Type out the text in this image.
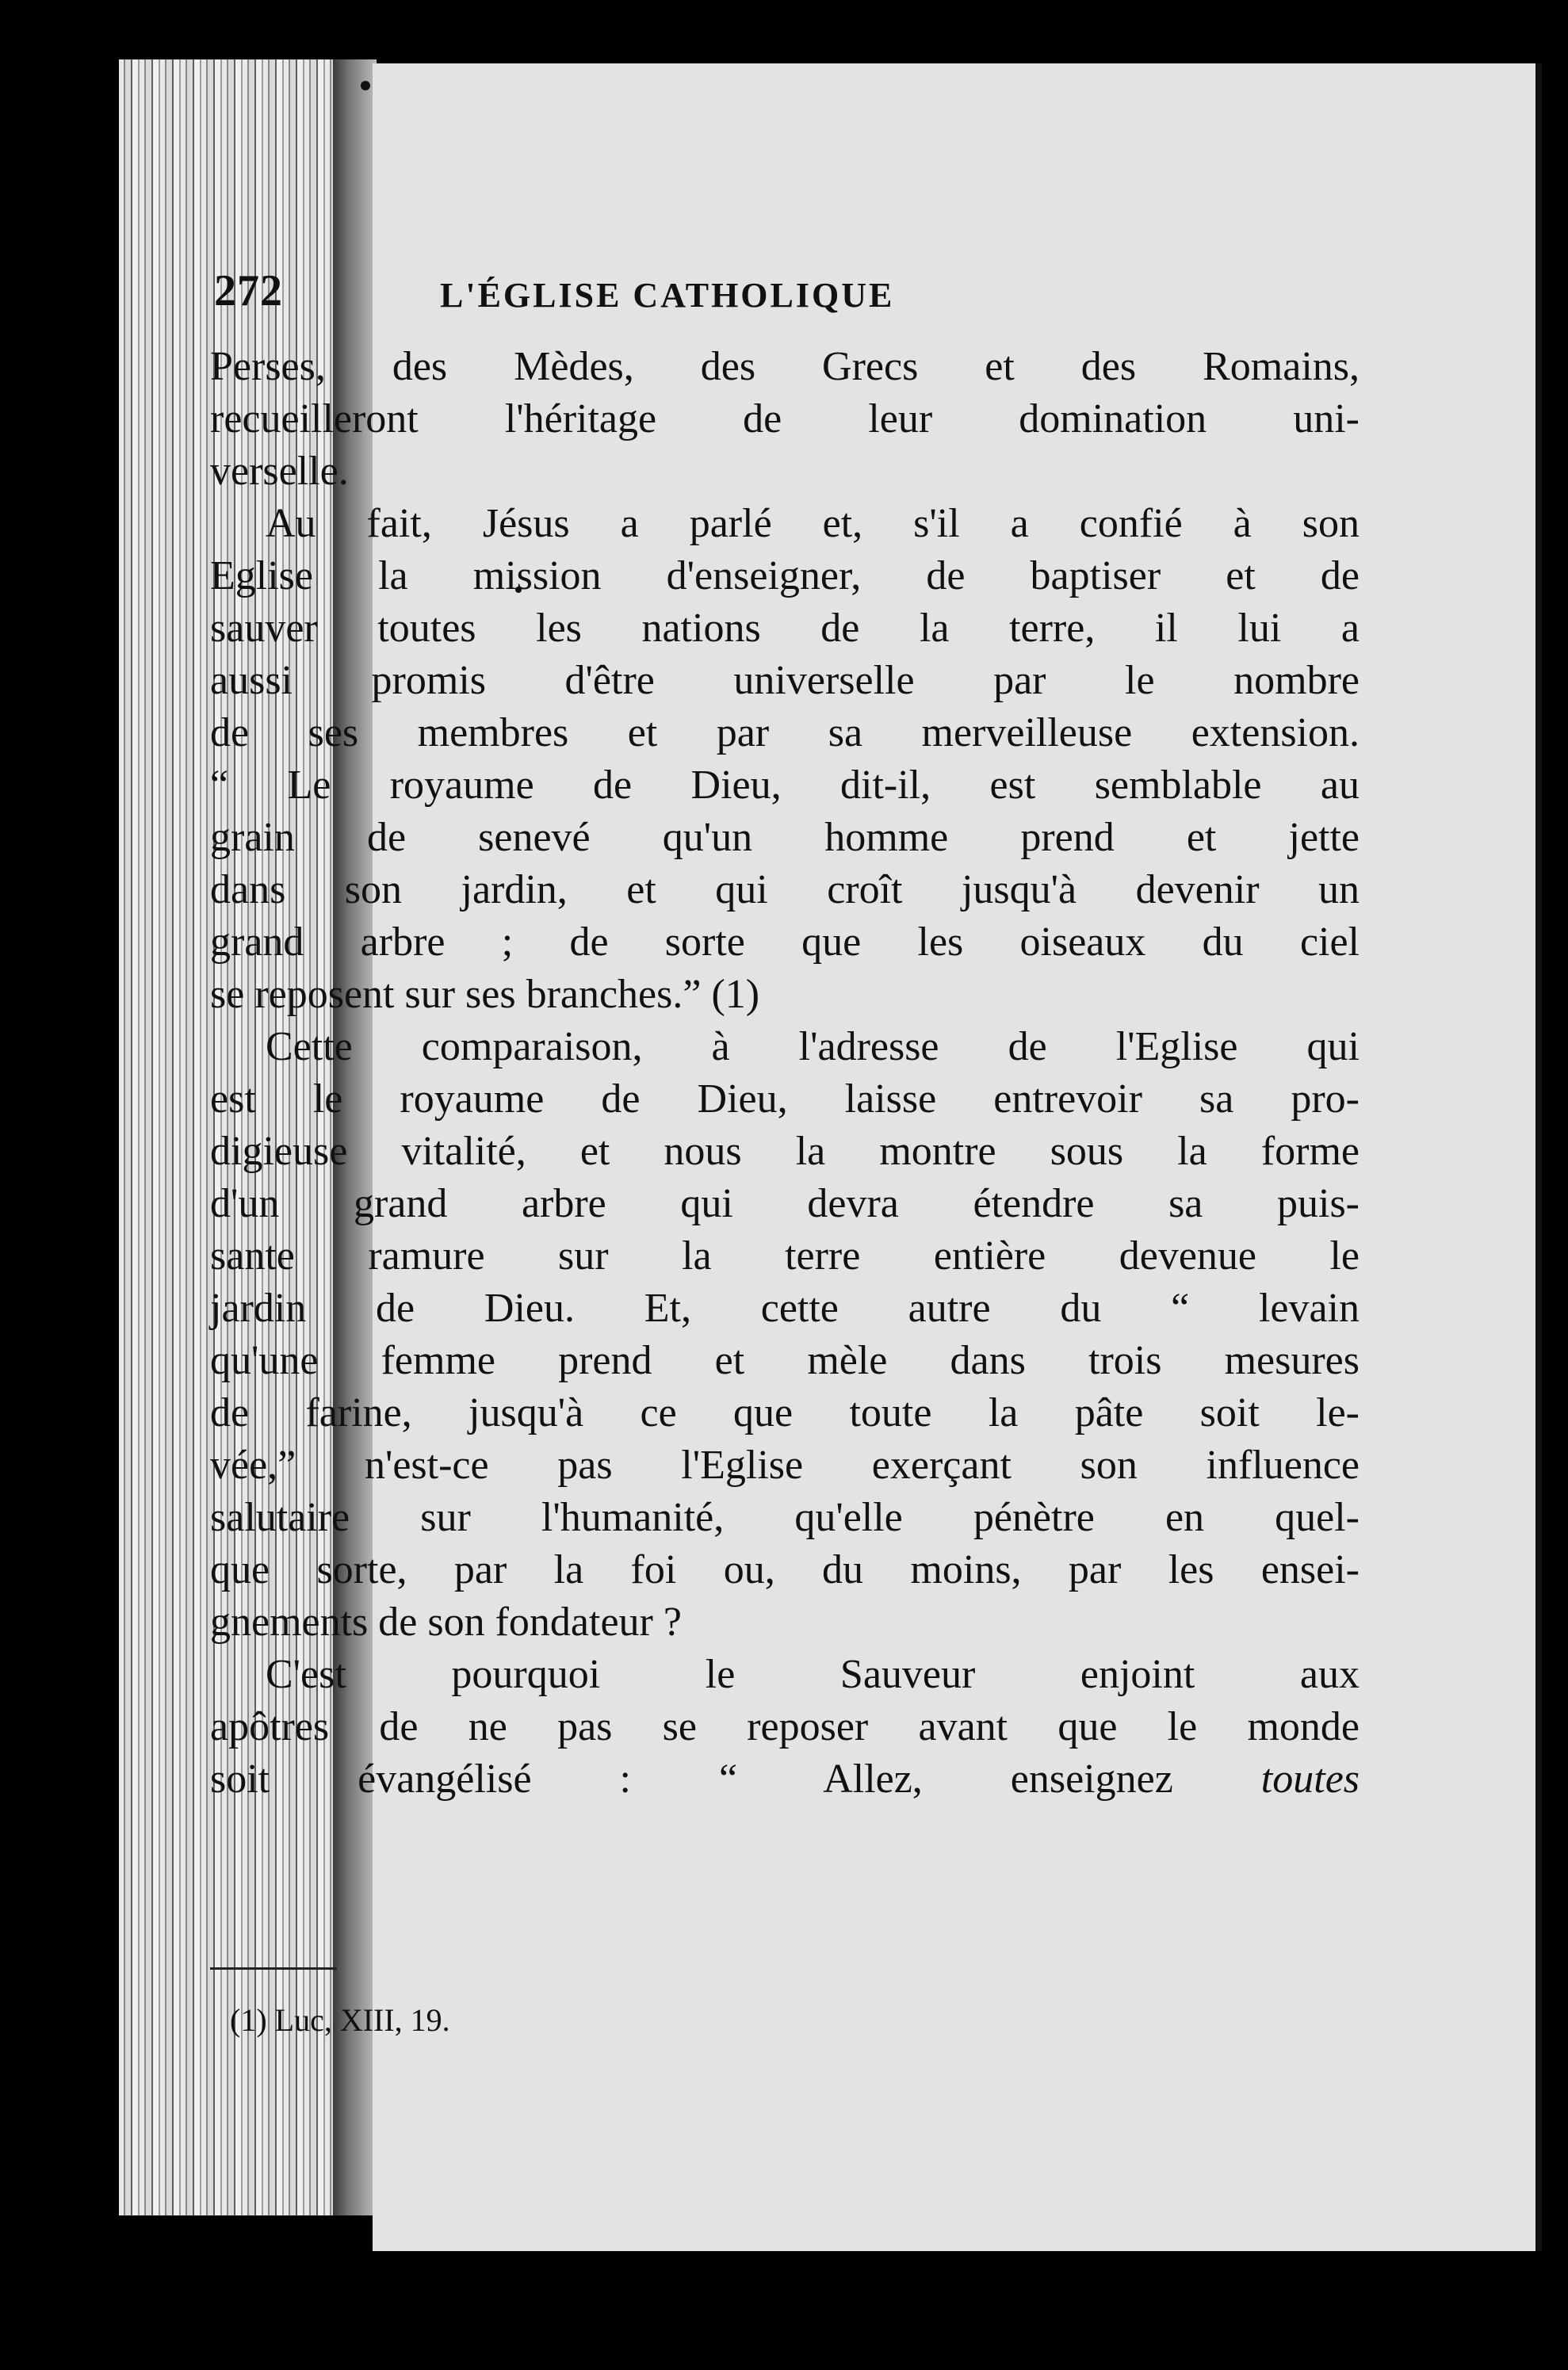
272	L'ÉGLISE CATHOLIQUE
Perses, des Mèdes, des Grecs et des Romains,
recueilleront l'héritage de leur domination uni-
verselle.
Au fait, Jésus a parlé et, s'il a confié à son
Eglise la mission d'enseigner, de baptiser et de
sauver toutes les nations de la terre, il lui a
aussi promis d'être universelle par le nombre
de ses membres et par sa merveilleuse extension.
“ Le royaume de Dieu, dit-il, est semblable au
grain de senevé qu'un homme prend et jette
dans son jardin, et qui croît jusqu'à devenir un
grand arbre ; de sorte que les oiseaux du ciel
se reposent sur ses branches.” (1)
Cette comparaison, à l'adresse de l'Eglise qui
est le royaume de Dieu, laisse entrevoir sa pro-
digieuse vitalité, et nous la montre sous la forme
d'un grand arbre qui devra étendre sa puis-
sante ramure sur la terre entière devenue le
jardin de Dieu. Et, cette autre du “ levain
qu'une femme prend et mèle dans trois mesures
de farine, jusqu'à ce que toute la pâte soit le-
vée,” n'est-ce pas l'Eglise exerçant son influence
salutaire sur l'humanité, qu'elle pénètre en quel-
que sorte, par la foi ou, du moins, par les ensei-
gnements de son fondateur ?
C'est pourquoi le Sauveur enjoint aux
apôtres de ne pas se reposer avant que le monde
soit évangélisé : “ Allez, enseignez toutes
(1) Luc, XIII, 19.
